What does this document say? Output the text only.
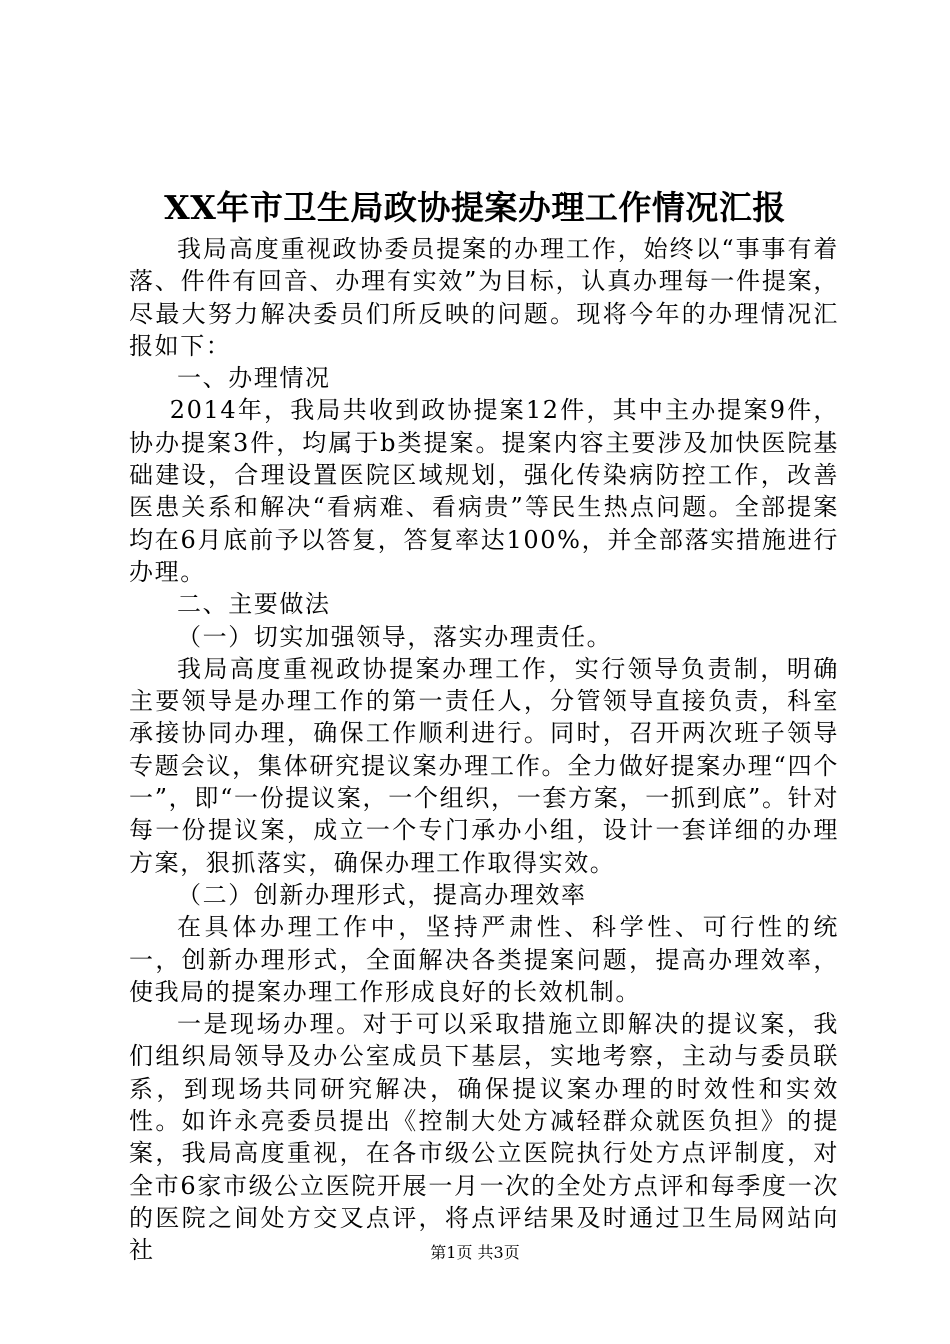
XX年市卫生局政协提案办理工作情况汇报

我局高度重视政协委员提案的办理工作，始终以“事事有着落、件件有回音、办理有实效”为目标，认真办理每一件提案，尽最大努力解决委员们所反映的问题。现将今年的办理情况汇报如下：

一、办理情况

2014年，我局共收到政协提案12件，其中主办提案9件，协办提案3件，均属于b类提案。提案内容主要涉及加快医院基础建设，合理设置医院区域规划，强化传染病防控工作，改善医患关系和解决“看病难、看病贵”等民生热点问题。全部提案均在6月底前予以答复，答复率达100%，并全部落实措施进行办理。

二、主要做法

（一）切实加强领导，落实办理责任。

我局高度重视政协提案办理工作，实行领导负责制，明确主要领导是办理工作的第一责任人，分管领导直接负责，科室承接协同办理，确保工作顺利进行。同时，召开两次班子领导专题会议，集体研究提议案办理工作。全力做好提案办理“四个一”，即“一份提议案，一个组织，一套方案，一抓到底”。针对每一份提议案，成立一个专门承办小组，设计一套详细的办理方案，狠抓落实，确保办理工作取得实效。

（二）创新办理形式，提高办理效率

在具体办理工作中，坚持严肃性、科学性、可行性的统一，创新办理形式，全面解决各类提案问题，提高办理效率，使我局的提案办理工作形成良好的长效机制。

一是现场办理。对于可以采取措施立即解决的提议案，我们组织局领导及办公室成员下基层，实地考察，主动与委员联系，到现场共同研究解决，确保提议案办理的时效性和实效性。如许永亮委员提出《控制大处方减轻群众就医负担》的提案，我局高度重视，在各市级公立医院执行处方点评制度，对全市6家市级公立医院开展一月一次的全处方点评和每季度一次的医院之间处方交叉点评，将点评结果及时通过卫生局网站向社	第1页 共3页
